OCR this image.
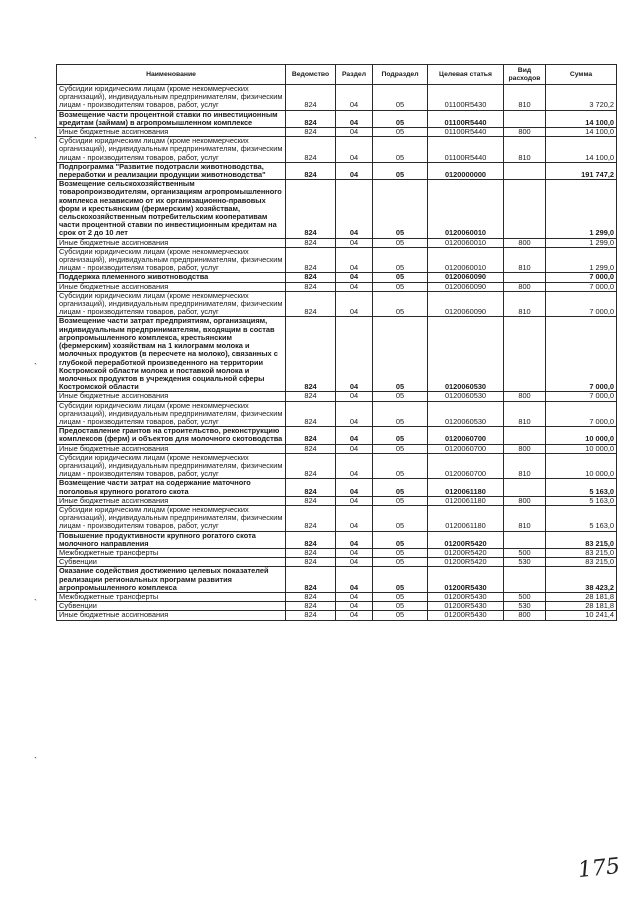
Наименование	Ведомство	Раздел	Подраздел	Целевая статья	Вид расходов	Сумма
Субсидии юридическим лицам (кроме некоммерческих организаций), индивидуальным предпринимателям, физическим лицам - производителям товаров, работ, услуг	824	04	05	01100R5430	810	3 720,2
Возмещение части процентной ставки по инвестиционным кредитам (займам) в агропромышленном комплексе	824	04	05	01100R5440		14 100,0
Иные бюджетные ассигнования	824	04	05	01100R5440	800	14 100,0
Субсидии юридическим лицам (кроме некоммерческих организаций), индивидуальным предпринимателям, физическим лицам - производителям товаров, работ, услуг	824	04	05	01100R5440	810	14 100,0
Подпрограмма "Развитие подотрасли животноводства, переработки и реализации продукции животноводства"	824	04	05	0120000000		191 747,2
Возмещение сельскохозяйственным товаропроизводителям, организациям агропромышленного комплекса независимо от их организационно-правовых форм и крестьянским (фермерским) хозяйствам, сельскохозяйственным потребительским кооперативам части процентной ставки по инвестиционным кредитам на срок от 2 до 10 лет	824	04	05	0120060010		1 299,0
Иные бюджетные ассигнования	824	04	05	0120060010	800	1 299,0
Субсидии юридическим лицам (кроме некоммерческих организаций), индивидуальным предпринимателям, физическим лицам - производителям товаров, работ, услуг	824	04	05	0120060010	810	1 299,0
Поддержка племенного животноводства	824	04	05	0120060090		7 000,0
Иные бюджетные ассигнования	824	04	05	0120060090	800	7 000,0
Субсидии юридическим лицам (кроме некоммерческих организаций), индивидуальным предпринимателям, физическим лицам - производителям товаров, работ, услуг	824	04	05	0120060090	810	7 000,0
Возмещение части затрат предприятиям, организациям, индивидуальным предпринимателям, входящим в состав агропромышленного комплекса, крестьянским (фермерским) хозяйствам на 1 килограмм молока и молочных продуктов (в пересчете на молоко), связанных с глубокой переработкой произведенного на территории Костромской области молока и поставкой молока и молочных продуктов в учреждения социальной сферы Костромской области	824	04	05	0120060530		7 000,0
Иные бюджетные ассигнования	824	04	05	0120060530	800	7 000,0
Субсидии юридическим лицам (кроме некоммерческих организаций), индивидуальным предпринимателям, физическим лицам - производителям товаров, работ, услуг	824	04	05	0120060530	810	7 000,0
Предоставление грантов на строительство, реконструкцию комплексов (ферм) и объектов для молочного скотоводства	824	04	05	0120060700		10 000,0
Иные бюджетные ассигнования	824	04	05	0120060700	800	10 000,0
Субсидии юридическим лицам (кроме некоммерческих организаций), индивидуальным предпринимателям, физическим лицам - производителям товаров, работ, услуг	824	04	05	0120060700	810	10 000,0
Возмещение части затрат на содержание маточного поголовья крупного рогатого скота	824	04	05	0120061180		5 163,0
Иные бюджетные ассигнования	824	04	05	0120061180	800	5 163,0
Субсидии юридическим лицам (кроме некоммерческих организаций), индивидуальным предпринимателям, физическим лицам - производителям товаров, работ, услуг	824	04	05	0120061180	810	5 163,0
Повышение продуктивности крупного рогатого скота молочного направления	824	04	05	01200R5420		83 215,0
Межбюджетные трансферты	824	04	05	01200R5420	500	83 215,0
Субвенции	824	04	05	01200R5420	530	83 215,0
Оказание содействия достижению целевых показателей реализации региональных программ развития агропромышленного комплекса	824	04	05	01200R5430		38 423,2
Межбюджетные трансферты	824	04	05	01200R5430	500	28 181,8
Субвенции	824	04	05	01200R5430	530	28 181,8
Иные бюджетные ассигнования	824	04	05	01200R5430	800	10 241,4
`
`
`
`
175
